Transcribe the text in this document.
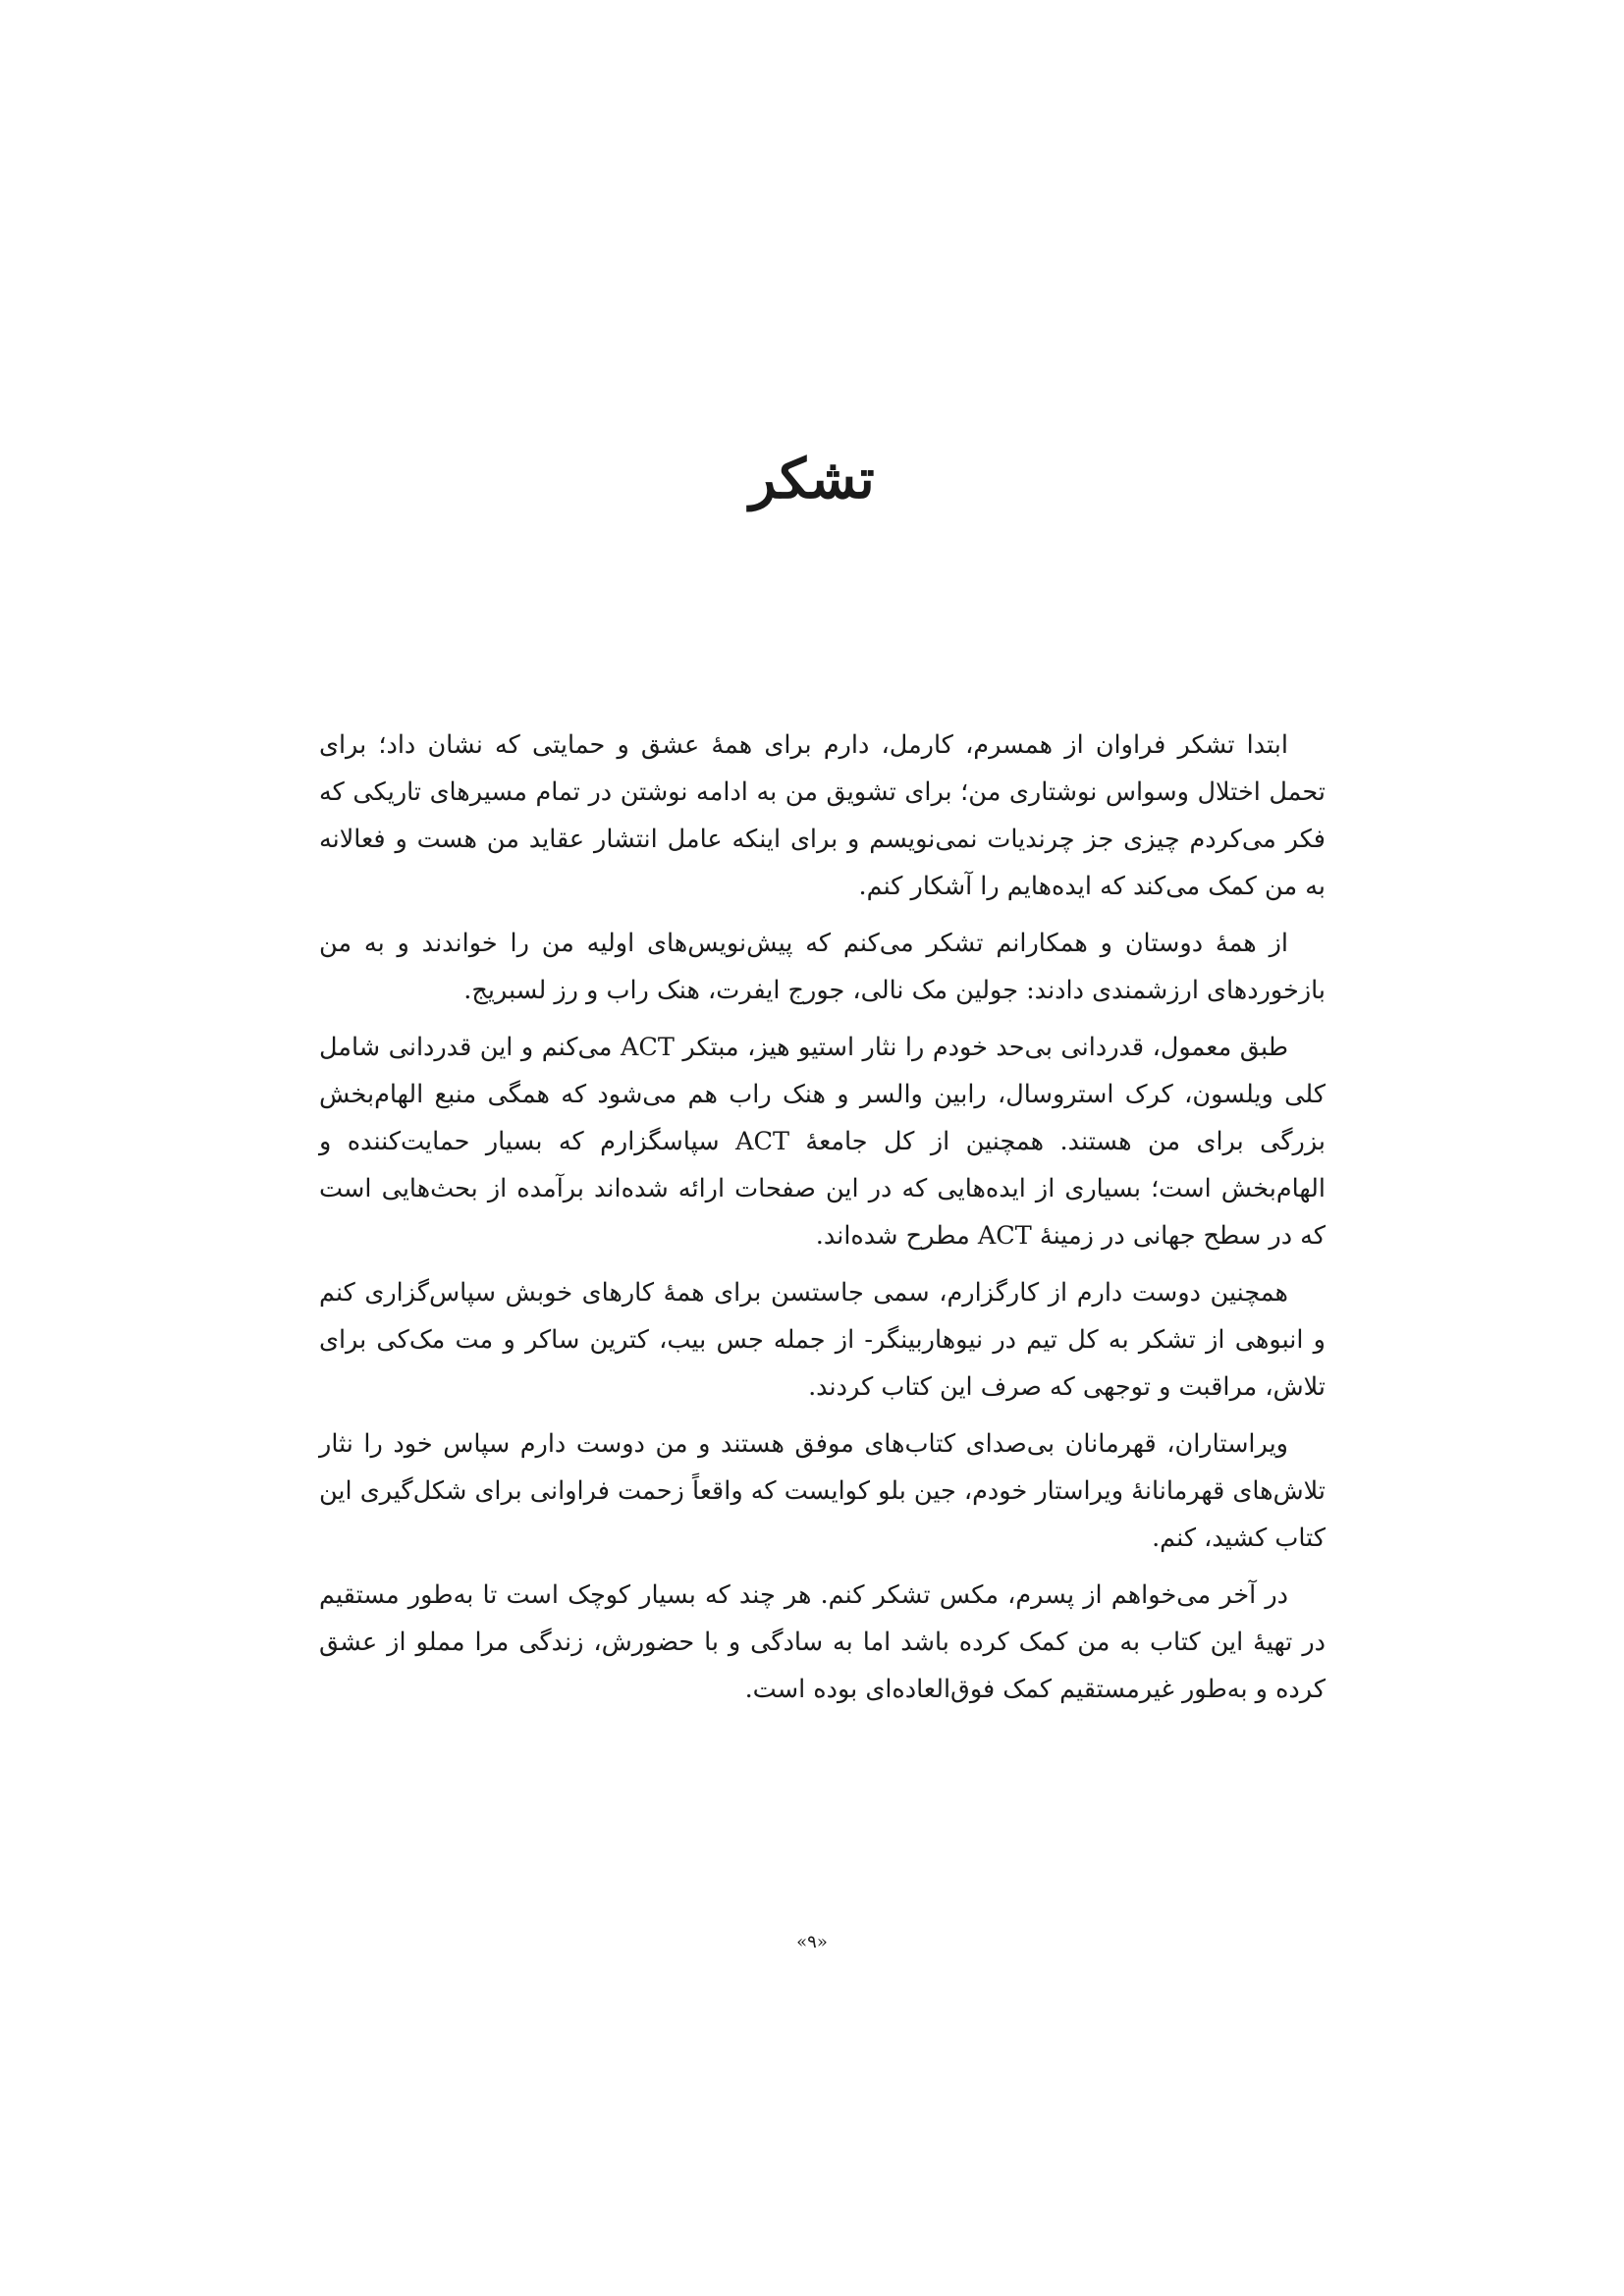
تشکر

ابتدا تشکر فراوان از همسرم، کارمل، دارم برای همهٔ عشق و حمایتی که نشان داد؛ برای تحمل اختلال وسواس نوشتاری من؛ برای تشویق من به ادامه نوشتن در تمام مسیرهای تاریکی که فکر می‌کردم چیزی جز چرندیات نمی‌نویسم و برای اینکه عامل انتشار عقاید من هست و فعالانه به من کمک می‌کند که ایده‌هایم را آشکار کنم.

از همهٔ دوستان و همکارانم تشکر می‌کنم که پیش‌نویس‌های اولیه من را خواندند و به من بازخوردهای ارزشمندی دادند: جولین مک نالی، جورج ایفرت، هنک راب و رز لسبریج.

طبق معمول، قدردانی بی‌حد خودم را نثار استیو هیز، مبتکر ACT می‌کنم و این قدردانی شامل کلی ویلسون، کرک استروسال، رابین والسر و هنک راب هم می‌شود که همگی منبع الهام‌بخش بزرگی برای من هستند. همچنین از کل جامعهٔ ACT سپاسگزارم که بسیار حمایت‌کننده و الهام‌بخش است؛ بسیاری از ایده‌هایی که در این صفحات ارائه شده‌اند برآمده از بحث‌هایی است که در سطح جهانی در زمینهٔ ACT مطرح شده‌اند.

همچنین دوست دارم از کارگزارم، سمی جاستسن برای همهٔ کارهای خوبش سپاس‌گزاری کنم و انبوهی از تشکر به کل تیم در نیوهاربینگر- از جمله جس بیب، کترین ساکر و مت مک‌کی برای تلاش، مراقبت و توجهی که صرف این کتاب کردند.

ویراستاران، قهرمانان بی‌صدای کتاب‌های موفق هستند و من دوست دارم سپاس خود را نثار تلاش‌های قهرمانانهٔ ویراستار خودم، جین بلو کوایست که واقعاً زحمت فراوانی برای شکل‌گیری این کتاب کشید، کنم.

در آخر می‌خواهم از پسرم، مکس تشکر کنم. هر چند که بسیار کوچک است تا به‌طور مستقیم در تهیهٔ این کتاب به من کمک کرده باشد اما به سادگی و با حضورش، زندگی مرا مملو از عشق کرده و به‌طور غیرمستقیم کمک فوق‌العاده‌ای بوده است.

«۹»
